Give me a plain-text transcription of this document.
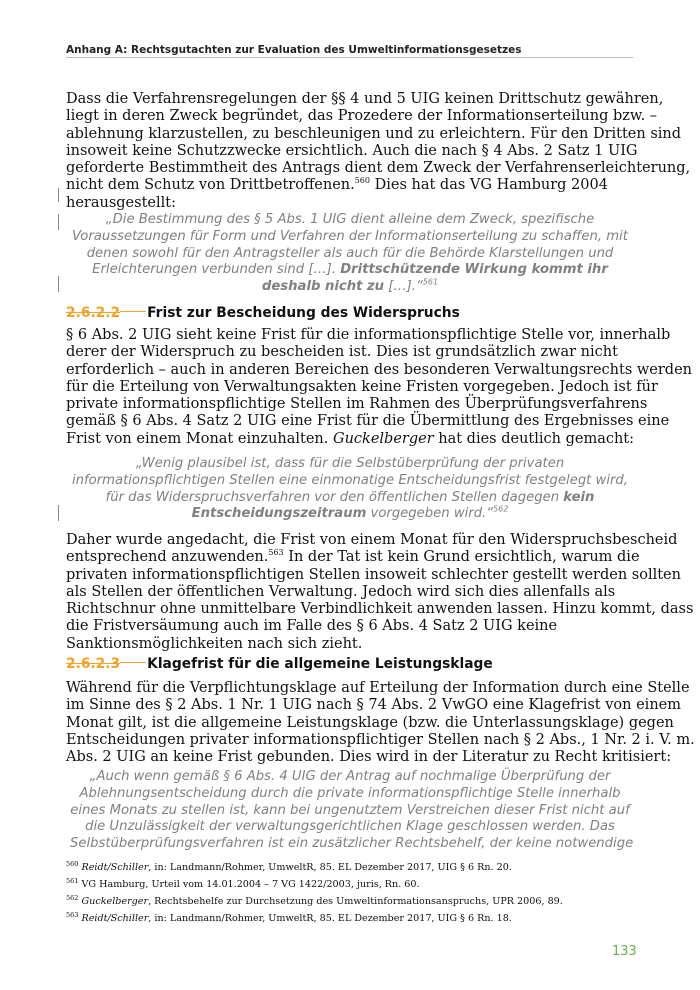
Anhang A: Rechtsgutachten zur Evaluation des Umweltinformationsgesetzes
Dass die Verfahrensregelungen der §§ 4 und 5 UIG keinen Drittschutz gewähren,
liegt in deren Zweck begründet, das Prozedere der Informationserteilung bzw. –
ablehnung klarzustellen, zu beschleunigen und zu erleichtern. Für den Dritten sind
insoweit keine Schutzzwecke ersichtlich. Auch die nach § 4 Abs. 2 Satz 1 UIG
geforderte Bestimmtheit des Antrags dient dem Zweck der Verfahrenserleichterung,
nicht dem Schutz von Drittbetroffenen.$^{560}$ Dies hat das VG Hamburg 2004
herausgestellt:
„Die Bestimmung des § 5 Abs. 1 UIG dient alleine dem Zweck, spezifische
Voraussetzungen für Form und Verfahren der Informationserteilung zu schaffen, mit
denen sowohl für den Antragsteller als auch für die Behörde Klarstellungen und
Erleichterungen verbunden sind […]. Drittschützende Wirkung kommt ihr
deshalb nicht zu […].“$^{561}$
2.6.2.2 Frist zur Bescheidung des Widerspruchs
§ 6 Abs. 2 UIG sieht keine Frist für die informationspflichtige Stelle vor, innerhalb
derer der Widerspruch zu bescheiden ist. Dies ist grundsätzlich zwar nicht
erforderlich – auch in anderen Bereichen des besonderen Verwaltungsrechts werden
für die Erteilung von Verwaltungsakten keine Fristen vorgegeben. Jedoch ist für
private informationspflichtige Stellen im Rahmen des Überprüfungsverfahrens
gemäß § 6 Abs. 4 Satz 2 UIG eine Frist für die Übermittlung des Ergebnisses eine
Frist von einem Monat einzuhalten. Guckelberger hat dies deutlich gemacht:
„Wenig plausibel ist, dass für die Selbstüberprüfung der privaten
informationspflichtigen Stellen eine einmonatige Entscheidungsfrist festgelegt wird,
für das Widerspruchsverfahren vor den öffentlichen Stellen dagegen kein
Entscheidungszeitraum vorgegeben wird.“$^{562}$
Daher wurde angedacht, die Frist von einem Monat für den Widerspruchsbescheid
entsprechend anzuwenden.$^{563}$ In der Tat ist kein Grund ersichtlich, warum die
privaten informationspflichtigen Stellen insoweit schlechter gestellt werden sollten
als Stellen der öffentlichen Verwaltung. Jedoch wird sich dies allenfalls als
Richtschnur ohne unmittelbare Verbindlichkeit anwenden lassen. Hinzu kommt, dass
die Fristversäumung auch im Falle des § 6 Abs. 4 Satz 2 UIG keine
Sanktionsmöglichkeiten nach sich zieht.
2.6.2.3 Klagefrist für die allgemeine Leistungsklage
Während für die Verpflichtungsklage auf Erteilung der Information durch eine Stelle
im Sinne des § 2 Abs. 1 Nr. 1 UIG nach § 74 Abs. 2 VwGO eine Klagefrist von einem
Monat gilt, ist die allgemeine Leistungsklage (bzw. die Unterlassungsklage) gegen
Entscheidungen privater informationspflichtiger Stellen nach § 2 Abs., 1 Nr. 2 i. V. m.
Abs. 2 UIG an keine Frist gebunden. Dies wird in der Literatur zu Recht kritisiert:
„Auch wenn gemäß § 6 Abs. 4 UIG der Antrag auf nochmalige Überprüfung der
Ablehnungsentscheidung durch die private informationspflichtige Stelle innerhalb
eines Monats zu stellen ist, kann bei ungenutztem Verstreichen dieser Frist nicht auf
die Unzulässigkeit der verwaltungsgerichtlichen Klage geschlossen werden. Das
Selbstüberprüfungsverfahren ist ein zusätzlicher Rechtsbehelf, der keine notwendige
$^{560}$ Reidt/Schiller, in: Landmann/Rohmer, UmweltR, 85. EL Dezember 2017, UIG § 6 Rn. 20.
$^{561}$ VG Hamburg, Urteil vom 14.01.2004 – 7 VG 1422/2003, juris, Rn. 60.
$^{562}$ Guckelberger, Rechtsbehelfe zur Durchsetzung des Umweltinformationsanspruchs, UPR 2006, 89.
$^{563}$ Reidt/Schiller, in: Landmann/Rohmer, UmweltR, 85. EL Dezember 2017, UIG § 6 Rn. 18.
133
